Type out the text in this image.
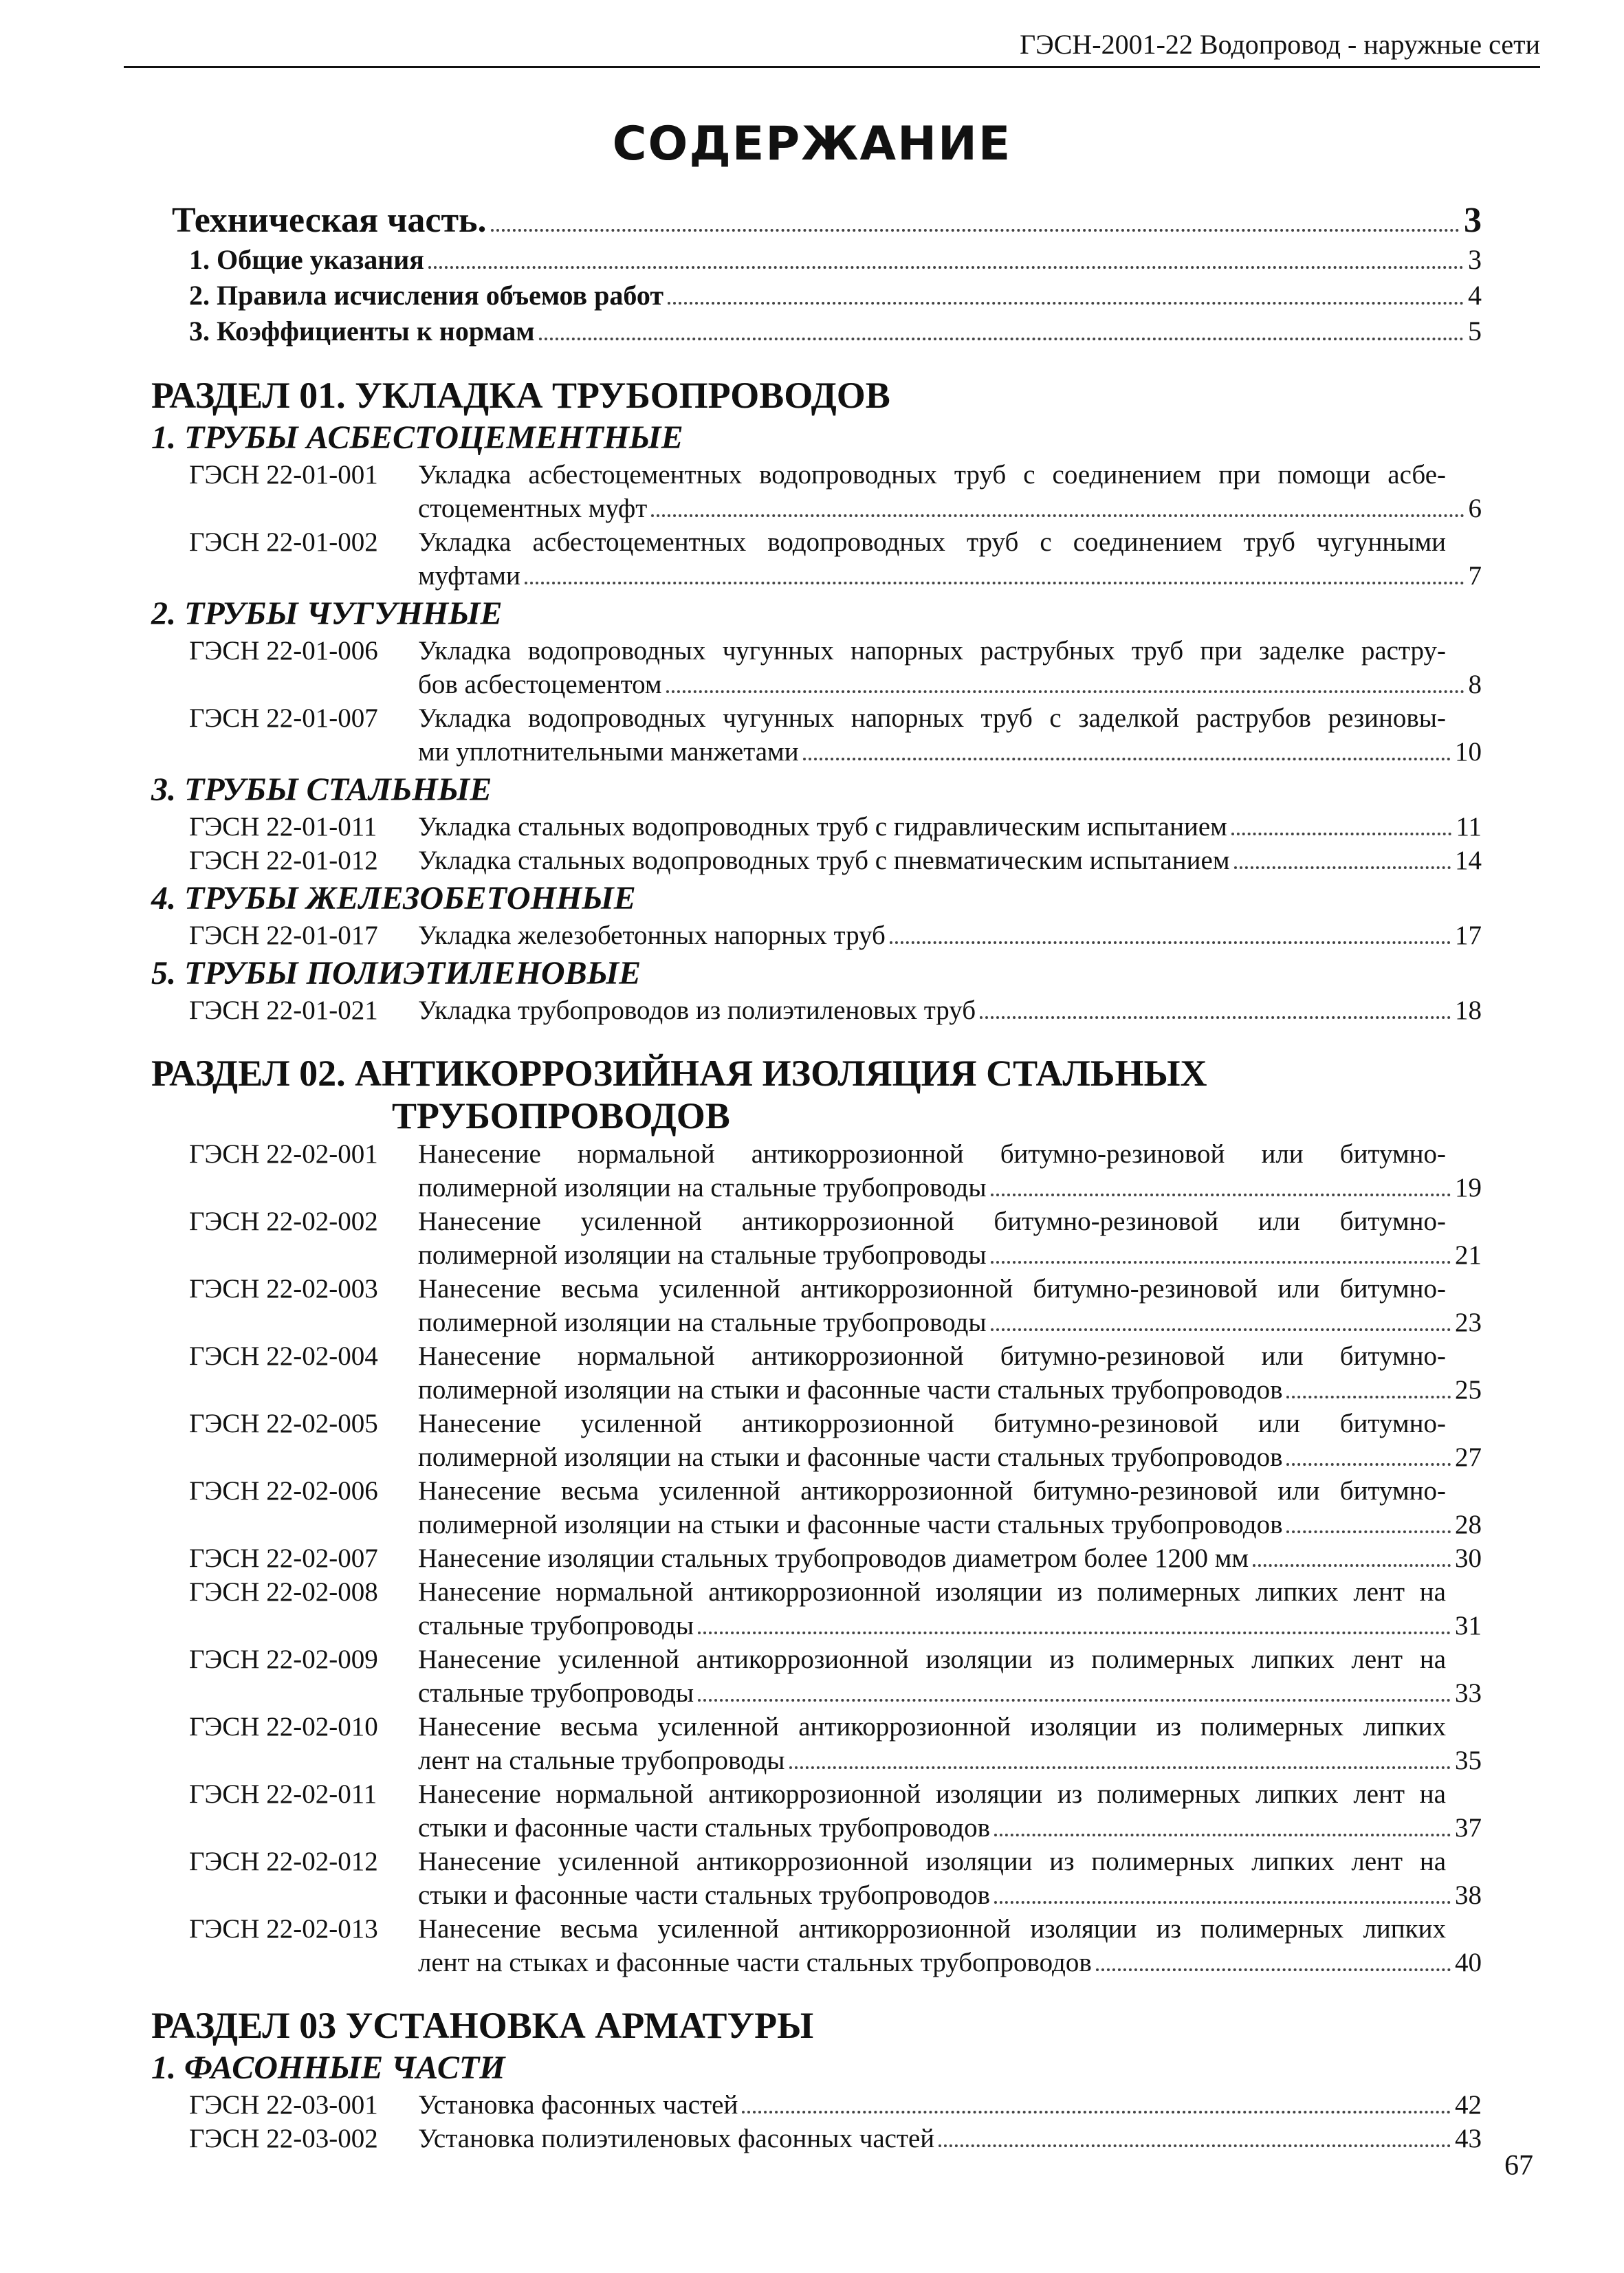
ГЭСН-2001-22 Водопровод - наружные сети
СОДЕРЖАНИЕ
Техническая часть.	3
1. Общие указания	3
2. Правила исчисления объемов работ	4
3. Коэффициенты к нормам	5
РАЗДЕЛ 01. УКЛАДКА ТРУБОПРОВОДОВ
1. ТРУБЫ АСБЕСТОЦЕМЕНТНЫЕ
ГЭСН 22-01-001	Укладка асбестоцементных водопроводных труб с соединением при помощи асбе-
стоцементных муфт	6
ГЭСН 22-01-002	Укладка асбестоцементных водопроводных труб с соединением труб чугунными
муфтами	7
2. ТРУБЫ ЧУГУННЫЕ
ГЭСН 22-01-006	Укладка водопроводных чугунных напорных раструбных труб при заделке растру-
бов асбестоцементом	8
ГЭСН 22-01-007	Укладка водопроводных чугунных напорных труб с заделкой раструбов резиновы-
ми уплотнительными манжетами	10
3. ТРУБЫ СТАЛЬНЫЕ
ГЭСН 22-01-011	Укладка стальных водопроводных труб с гидравлическим испытанием	11
ГЭСН 22-01-012	Укладка стальных водопроводных труб с пневматическим испытанием	14
4. ТРУБЫ ЖЕЛЕЗОБЕТОННЫЕ
ГЭСН 22-01-017	Укладка железобетонных напорных труб	17
5. ТРУБЫ ПОЛИЭТИЛЕНОВЫЕ
ГЭСН 22-01-021	Укладка трубопроводов из полиэтиленовых труб	18
РАЗДЕЛ 02. АНТИКОРРОЗИЙНАЯ ИЗОЛЯЦИЯ СТАЛЬНЫХ
ТРУБОПРОВОДОВ
ГЭСН 22-02-001	Нанесение нормальной антикоррозионной битумно-резиновой или битумно-
полимерной изоляции на стальные трубопроводы	19
ГЭСН 22-02-002	Нанесение усиленной антикоррозионной битумно-резиновой или битумно-
полимерной изоляции на стальные трубопроводы	21
ГЭСН 22-02-003	Нанесение весьма усиленной антикоррозионной битумно-резиновой или битумно-
полимерной изоляции на стальные трубопроводы	23
ГЭСН 22-02-004	Нанесение нормальной антикоррозионной битумно-резиновой или битумно-
полимерной изоляции на стыки и фасонные части стальных трубопроводов	25
ГЭСН 22-02-005	Нанесение усиленной антикоррозионной битумно-резиновой или битумно-
полимерной изоляции на стыки и фасонные части стальных трубопроводов	27
ГЭСН 22-02-006	Нанесение весьма усиленной антикоррозионной битумно-резиновой или битумно-
полимерной изоляции на стыки и фасонные части стальных трубопроводов	28
ГЭСН 22-02-007	Нанесение изоляции стальных трубопроводов диаметром более 1200 мм	30
ГЭСН 22-02-008	Нанесение нормальной антикоррозионной изоляции из полимерных липких лент на
стальные трубопроводы	31
ГЭСН 22-02-009	Нанесение усиленной антикоррозионной изоляции из полимерных липких лент на
стальные трубопроводы	33
ГЭСН 22-02-010	Нанесение весьма усиленной антикоррозионной изоляции из полимерных липких
лент на стальные трубопроводы	35
ГЭСН 22-02-011	Нанесение нормальной антикоррозионной изоляции из полимерных липких лент на
стыки и фасонные части стальных трубопроводов	37
ГЭСН 22-02-012	Нанесение усиленной антикоррозионной изоляции из полимерных липких лент на
стыки и фасонные части стальных трубопроводов	38
ГЭСН 22-02-013	Нанесение весьма усиленной антикоррозионной изоляции из полимерных липких
лент на стыках и фасонные части стальных трубопроводов	40
РАЗДЕЛ 03 УСТАНОВКА АРМАТУРЫ
1. ФАСОННЫЕ ЧАСТИ
ГЭСН 22-03-001	Установка фасонных частей	42
ГЭСН 22-03-002	Установка полиэтиленовых фасонных частей	43
67
